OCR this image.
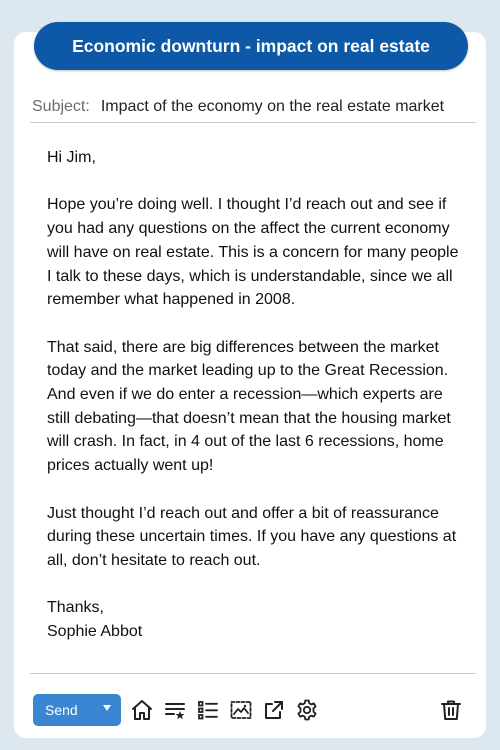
Economic downturn - impact on real estate
Subject: Impact of the economy on the real estate market

Hi Jim,

Hope you’re doing well. I thought I’d reach out and see if you had any questions on the affect the current economy will have on real estate. This is a concern for many people I talk to these days, which is understandable, since we all remember what happened in 2008.

That said, there are big differences between the market today and the market leading up to the Great Recession. And even if we do enter a recession—which experts are still debating—that doesn’t mean that the housing market will crash. In fact, in 4 out of the last 6 recessions, home prices actually went up!

Just thought I’d reach out and offer a bit of reassurance during these uncertain times. If you have any questions at all, don’t hesitate to reach out.

Thanks,

Sophie Abbot

Send
